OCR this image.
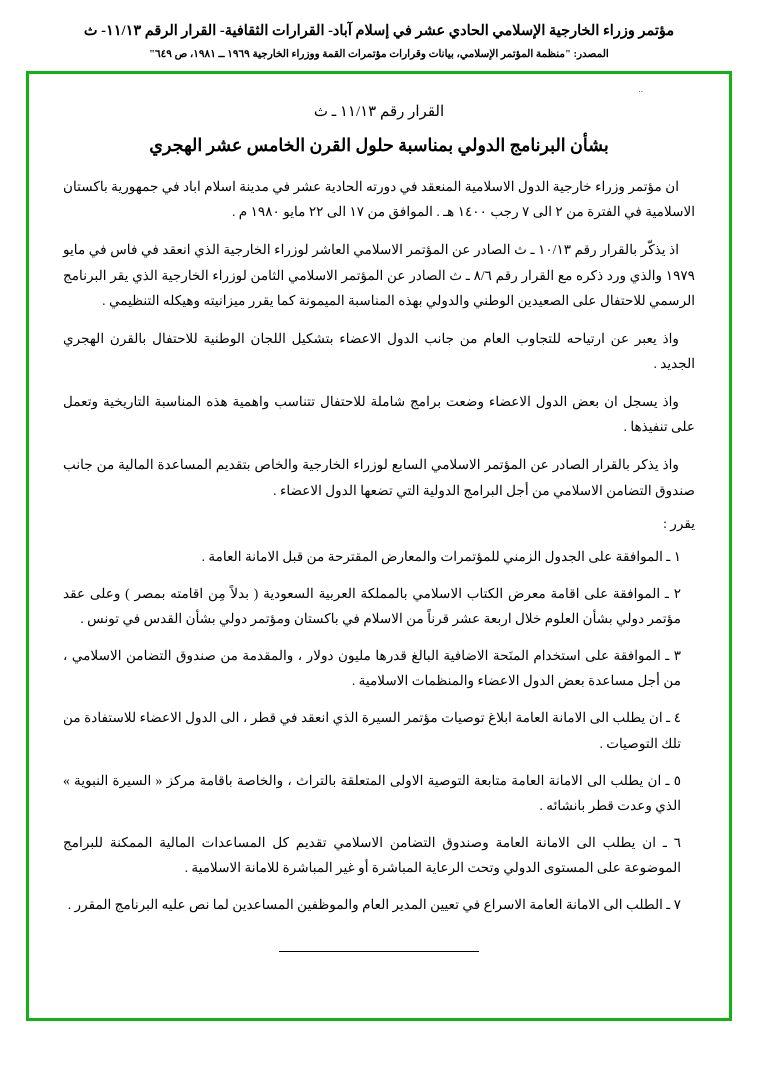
مؤتمر وزراء الخارجية الإسلامي الحادي عشر في إسلام آباد- القرارات الثقافية- القرار الرقم ١١/١٣- ث
المصدر: "منظمة المؤتمر الإسلامي، بيانات وقرارات مؤتمرات القمة ووزراء الخارجية ١٩٦٩ ــ ١٩٨١، ص ٦٤٩"
..
القرار رقم ١١/١٣ ـ ث
بشأن البرنامج الدولي بمناسبة حلول القرن الخامس عشر الهجري

ان مؤتمر وزراء خارجية الدول الاسلامية المنعقد في دورته الحادية عشر في مدينة اسلام اباد في جمهورية باكستان الاسلامية في الفترة من ٢ الى ٧ رجب ١٤٠٠ هـ . الموافق من ١٧ الى ٢٢ مايو ١٩٨٠ م .

اذ يذكّر بالقرار رقم ١٠/١٣ ـ ث الصادر عن المؤتمر الاسلامي العاشر لوزراء الخارجية الذي انعقد في فاس في مايو ١٩٧٩ والذي ورد ذكره مع القرار رقم ٨/٦ ـ ث الصادر عن المؤتمر الاسلامي الثامن لوزراء الخارجية الذي يقر البرنامج الرسمي للاحتفال على الصعيدين الوطني والدولي بهذه المناسبة الميمونة كما يقرر ميزانيته وهيكله التنظيمي .

واذ يعبر عن ارتياحه للتجاوب العام من جانب الدول الاعضاء بتشكيل اللجان الوطنية للاحتفال بالقرن الهجري الجديد .

واذ يسجل ان بعض الدول الاعضاء وضعت برامج شاملة للاحتفال تتناسب واهمية هذه المناسبة التاريخية وتعمل على تنفيذها .

واذ يذكر بالقرار الصادر عن المؤتمر الاسلامي السابع لوزراء الخارجية والخاص بتقديم المساعدة المالية من جانب صندوق التضامن الاسلامي من أجل البرامج الدولية التي تضعها الدول الاعضاء .

يقرر :
١ ـ الموافقة على الجدول الزمني للمؤتمرات والمعارض المقترحة من قبل الامانة العامة .
٢ ـ الموافقة على اقامة معرض الكتاب الاسلامي بالمملكة العربية السعودية ( بدلاً مِن اقامته بمصر ) وعلى عقد مؤتمر دولي بشأن العلوم خلال اربعة عشر قرناً من الاسلام في باكستان ومؤتمر دولي بشأن القدس في تونس .
٣ ـ الموافقة على استخدام المنَحة الاضافية البالغ قدرها مليون دولار ، والمقدمة من صندوق التضامن الاسلامي ، من أجل مساعدة بعض الدول الاعضاء والمنظمات الاسلامية .
٤ ـ ان يطلب الى الامانة العامة ابلاغ توصيات مؤتمر السيرة الذي انعقد في قطر ، الى الدول الاعضاء للاستفادة من تلك التوصيات .
٥ ـ ان يطلب الى الامانة العامة متابعة التوصية الاولى المتعلقة بالتراث ، والخاصة باقامة مركز « السيرة النبوية » الذي وعدت قطر بانشائه .
٦ ـ ان يطلب الى الامانة العامة وصندوق التضامن الاسلامي تقديم كل المساعدات المالية الممكنة للبرامج الموضوعة على المستوى الدولي وتحت الرعاية المباشرة أو غير المباشرة للامانة الاسلامية .
٧ ـ الطلب الى الامانة العامة الاسراع في تعيين المدير العام والموظفين المساعدين لما نص عليه البرنامج المقرر .
